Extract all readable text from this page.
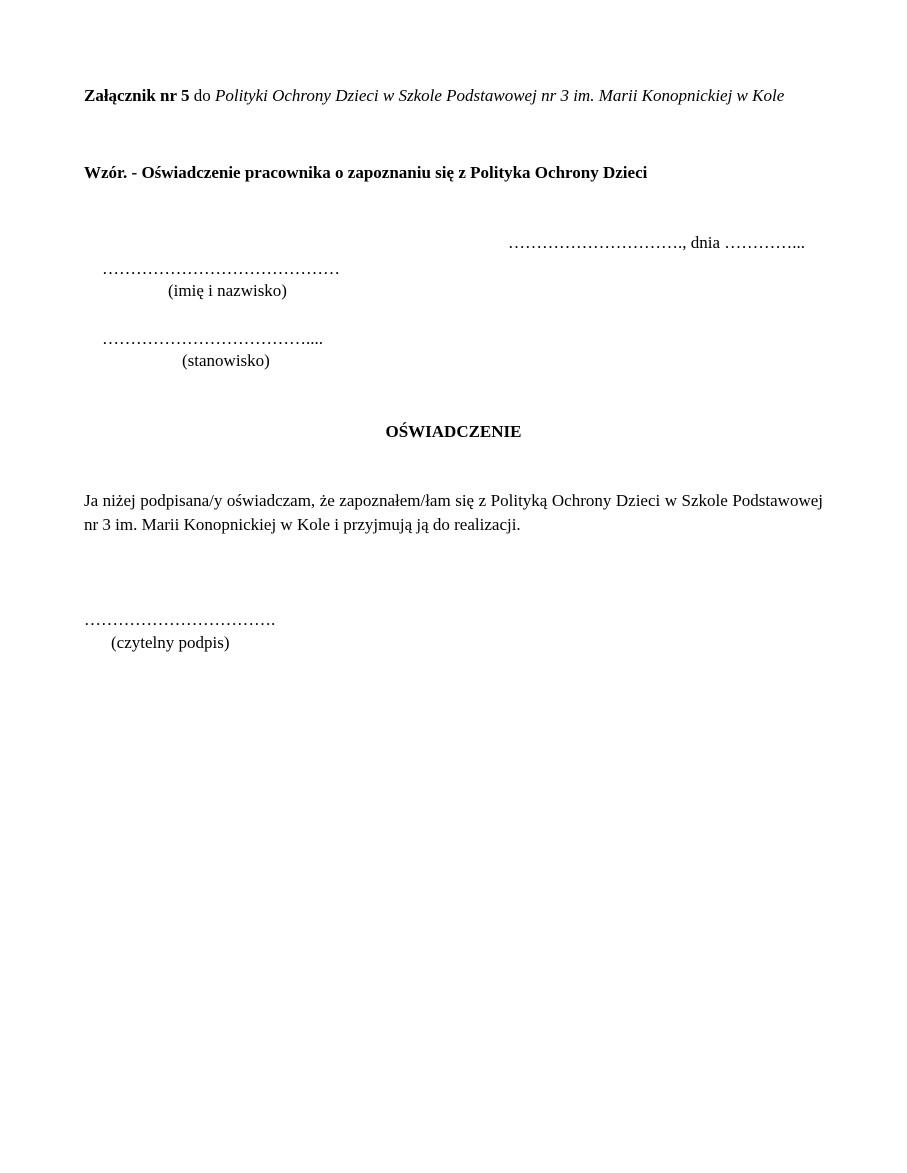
Załącznik nr 5 do Polityki Ochrony Dzieci w Szkole Podstawowej nr 3 im. Marii Konopnickiej w Kole
Wzór. - Oświadczenie pracownika o zapoznaniu się z Polityka Ochrony Dzieci
…………………………., dnia …………...
……………………………………
(imię i nazwisko)
………………………………....
(stanowisko)
OŚWIADCZENIE
Ja niżej podpisana/y oświadczam, że zapoznałem/łam się z Polityką Ochrony Dzieci w Szkole Podstawowej nr 3 im. Marii Konopnickiej w Kole i przyjmują ją do realizacji.
…………………………….
(czytelny podpis)
